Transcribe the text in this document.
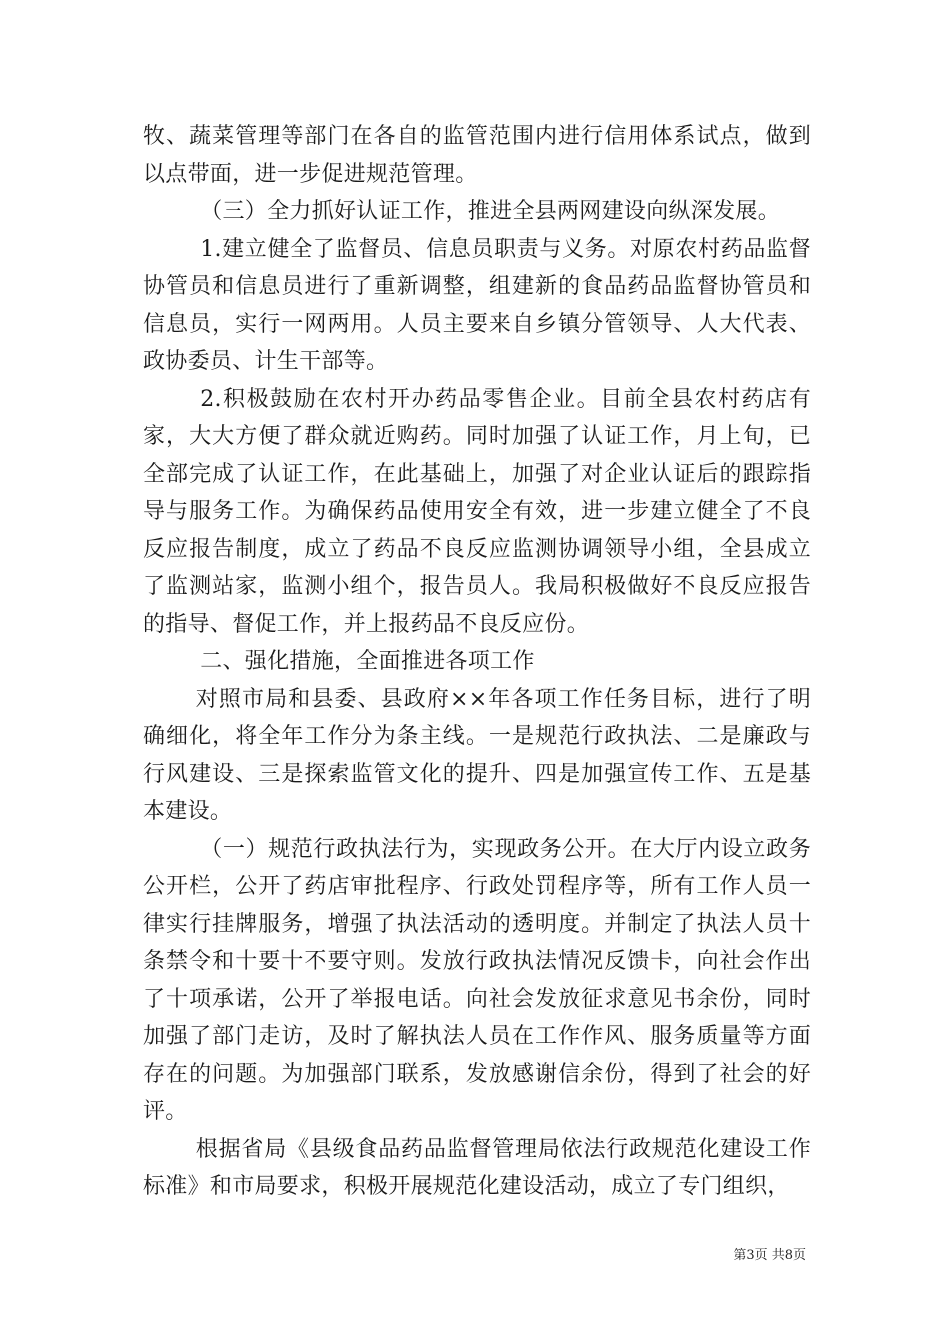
牧、蔬菜管理等部门在各自的监管范围内进行信用体系试点，做到以点带面，进一步促进规范管理。

（三）全力抓好认证工作，推进全县两网建设向纵深发展。

1.建立健全了监督员、信息员职责与义务。对原农村药品监督协管员和信息员进行了重新调整，组建新的食品药品监督协管员和信息员，实行一网两用。人员主要来自乡镇分管领导、人大代表、政协委员、计生干部等。

2.积极鼓励在农村开办药品零售企业。目前全县农村药店有家，大大方便了群众就近购药。同时加强了认证工作，月上旬，已全部完成了认证工作，在此基础上，加强了对企业认证后的跟踪指导与服务工作。为确保药品使用安全有效，进一步建立健全了不良反应报告制度，成立了药品不良反应监测协调领导小组，全县成立了监测站家，监测小组个，报告员人。我局积极做好不良反应报告的指导、督促工作，并上报药品不良反应份。

二、强化措施，全面推进各项工作

对照市局和县委、县政府××年各项工作任务目标，进行了明确细化，将全年工作分为条主线。一是规范行政执法、二是廉政与行风建设、三是探索监管文化的提升、四是加强宣传工作、五是基本建设。

（一）规范行政执法行为，实现政务公开。在大厅内设立政务公开栏，公开了药店审批程序、行政处罚程序等，所有工作人员一律实行挂牌服务，增强了执法活动的透明度。并制定了执法人员十条禁令和十要十不要守则。发放行政执法情况反馈卡，向社会作出了十项承诺，公开了举报电话。向社会发放征求意见书余份，同时加强了部门走访，及时了解执法人员在工作作风、服务质量等方面存在的问题。为加强部门联系，发放感谢信余份，得到了社会的好评。

根据省局《县级食品药品监督管理局依法行政规范化建设工作标准》和市局要求，积极开展规范化建设活动，成立了专门组织，

第3页 共8页
